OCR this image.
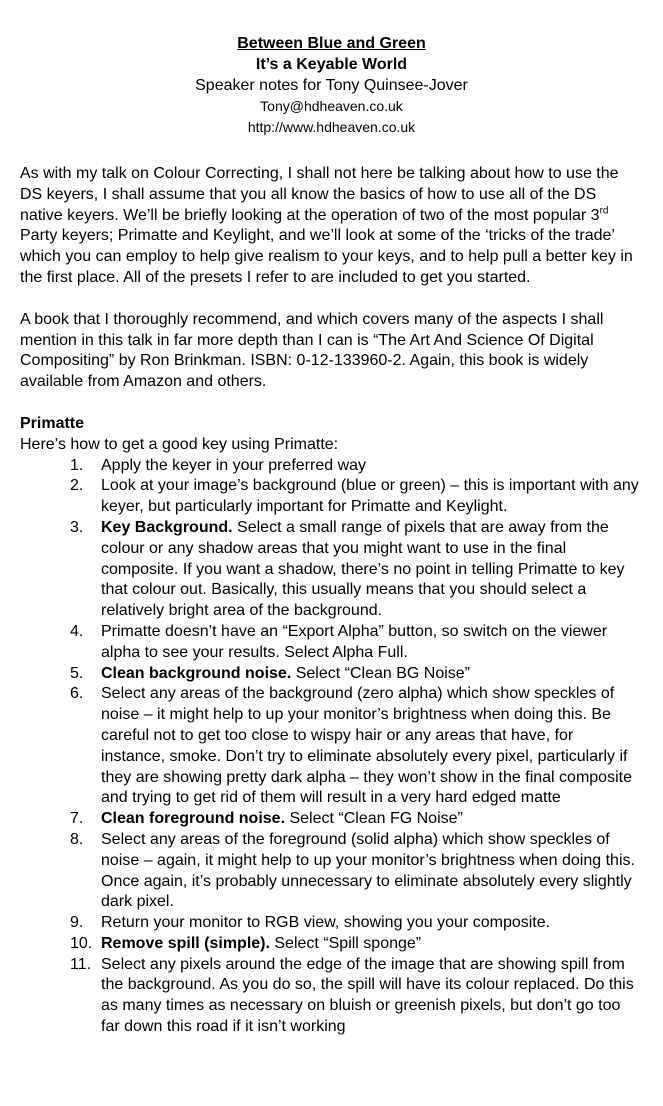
Between Blue and Green
It’s a Keyable World
Speaker notes for Tony Quinsee-Jover
Tony@hdheaven.co.uk
http://www.hdheaven.co.uk

As with my talk on Colour Correcting, I shall not here be talking about how to use the DS keyers, I shall assume that you all know the basics of how to use all of the DS native keyers. We’ll be briefly looking at the operation of two of the most popular 3rd Party keyers; Primatte and Keylight, and we’ll look at some of the ‘tricks of the trade’ which you can employ to help give realism to your keys, and to help pull a better key in the first place. All of the presets I refer to are included to get you started.

A book that I thoroughly recommend, and which covers many of the aspects I shall mention in this talk in far more depth than I can is “The Art And Science Of Digital Compositing” by Ron Brinkman. ISBN: 0-12-133960-2. Again, this book is widely available from Amazon and others.

Primatte
Here’s how to get a good key using Primatte:
1.	Apply the keyer in your preferred way
2.	Look at your image’s background (blue or green) – this is important with any keyer, but particularly important for Primatte and Keylight.
3.	Key Background. Select a small range of pixels that are away from the colour or any shadow areas that you might want to use in the final composite. If you want a shadow, there’s no point in telling Primatte to key that colour out. Basically, this usually means that you should select a relatively bright area of the background.
4.	Primatte doesn’t have an “Export Alpha” button, so switch on the viewer alpha to see your results. Select Alpha Full.
5.	Clean background noise. Select “Clean BG Noise”
6.	Select any areas of the background (zero alpha) which show speckles of noise – it might help to up your monitor’s brightness when doing this. Be careful not to get too close to wispy hair or any areas that have, for instance, smoke. Don’t try to eliminate absolutely every pixel, particularly if they are showing pretty dark alpha – they won’t show in the final composite and trying to get rid of them will result in a very hard edged matte
7.	Clean foreground noise. Select “Clean FG Noise”
8.	Select any areas of the foreground (solid alpha) which show speckles of noise – again, it might help to up your monitor’s brightness when doing this. Once again, it’s probably unnecessary to eliminate absolutely every slightly dark pixel.
9.	Return your monitor to RGB view, showing you your composite.
10. Remove spill (simple). Select “Spill sponge”
11. Select any pixels around the edge of the image that are showing spill from the background. As you do so, the spill will have its colour replaced. Do this as many times as necessary on bluish or greenish pixels, but don’t go too far down this road if it isn’t working
